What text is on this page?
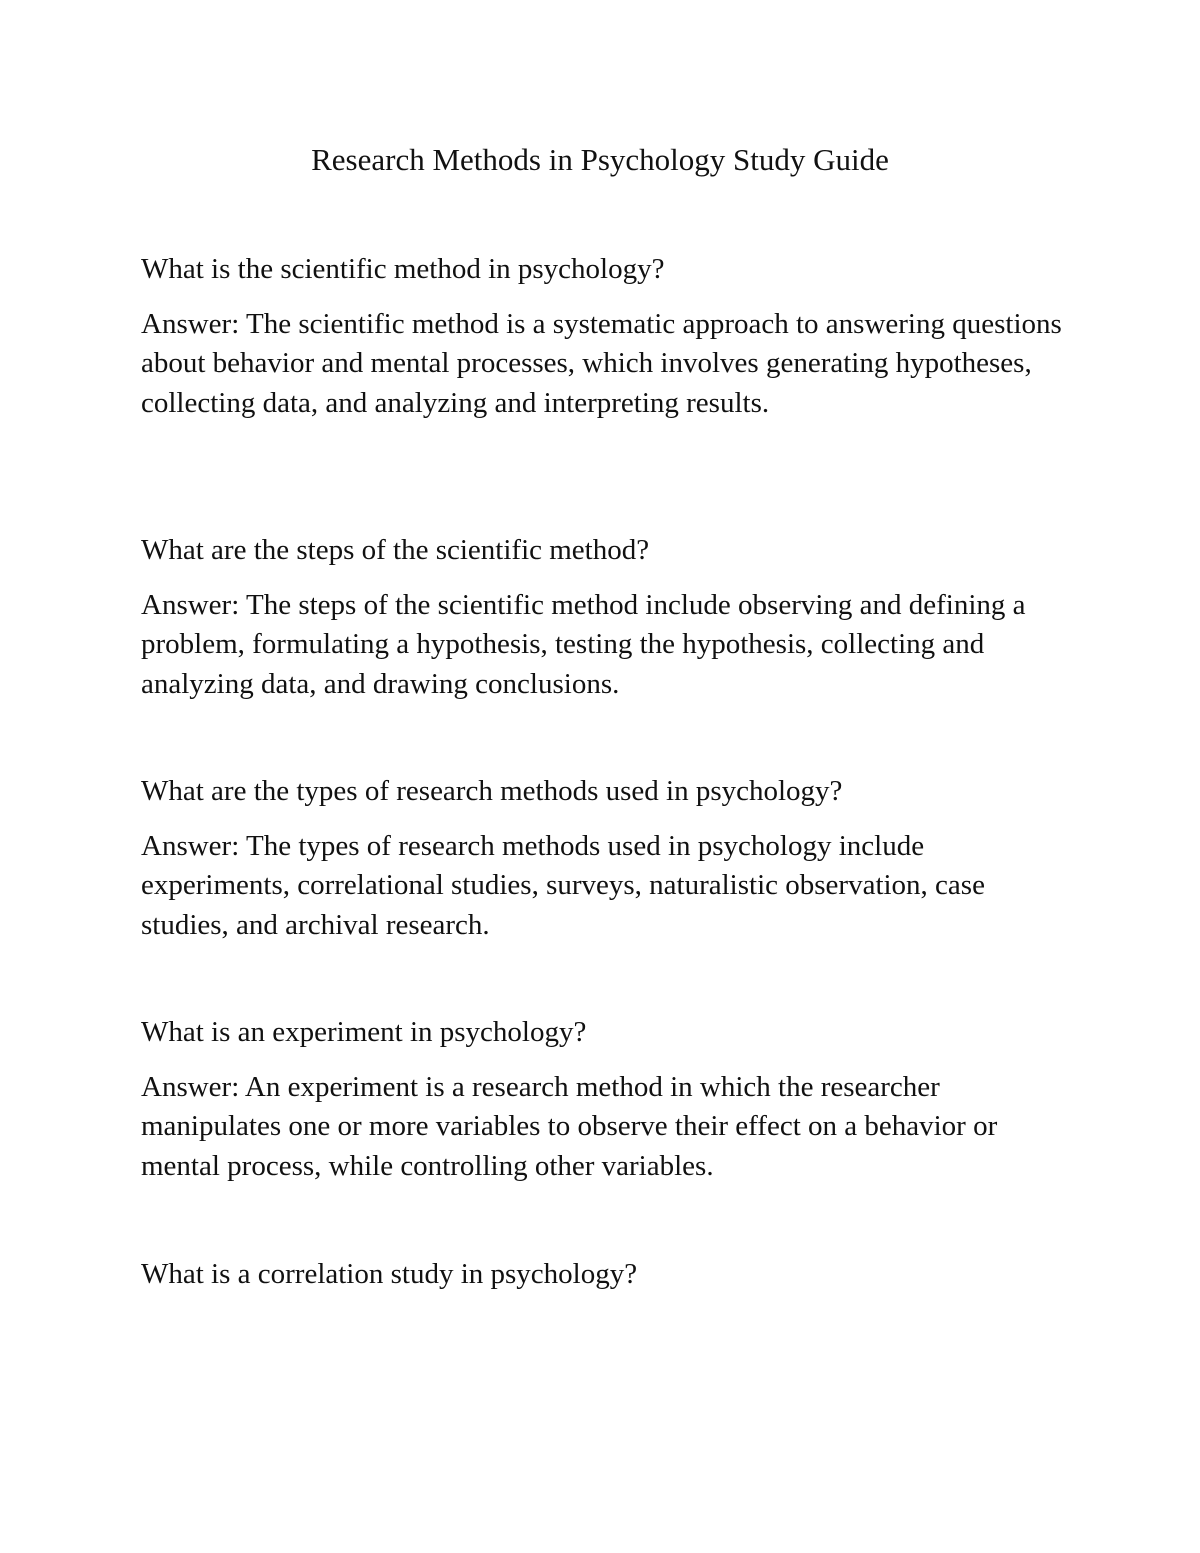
Research Methods in Psychology Study Guide

What is the scientific method in psychology?

Answer: The scientific method is a systematic approach to answering questions about behavior and mental processes, which involves generating hypotheses, collecting data, and analyzing and interpreting results.

What are the steps of the scientific method?

Answer: The steps of the scientific method include observing and defining a problem, formulating a hypothesis, testing the hypothesis, collecting and analyzing data, and drawing conclusions.

What are the types of research methods used in psychology?

Answer: The types of research methods used in psychology include experiments, correlational studies, surveys, naturalistic observation, case studies, and archival research.

What is an experiment in psychology?

Answer: An experiment is a research method in which the researcher manipulates one or more variables to observe their effect on a behavior or mental process, while controlling other variables.

What is a correlation study in psychology?
